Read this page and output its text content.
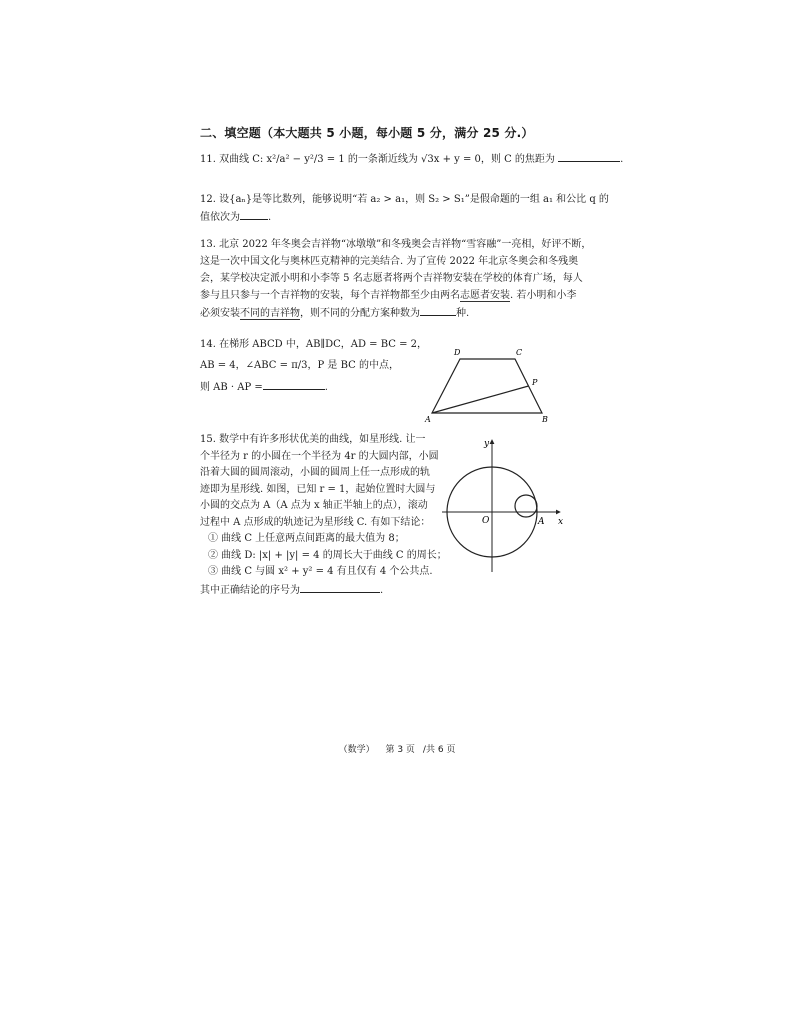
二、填空题（本大题共 5 小题，每小题 5 分，满分 25 分.）
11. 双曲线 C: x²/a² − y²/3 = 1 的一条渐近线为 √3x + y = 0，则 C 的焦距为	.
12. 设{aₙ}是等比数列，能够说明“若 a₂ > a₁，则 S₂ > S₁”是假命题的一组 a₁ 和公比 q 的
值依次为	.
13. 北京 2022 年冬奥会吉祥物“冰墩墩”和冬残奥会吉祥物“雪容融”一亮相，好评不断，
这是一次中国文化与奥林匹克精神的完美结合. 为了宣传 2022 年北京冬奥会和冬残奥
会，某学校决定派小明和小李等 5 名志愿者将两个吉祥物安装在学校的体育广场，每人
参与且只参与一个吉祥物的安装，每个吉祥物都至少由两名志愿者安装. 若小明和小李
必须安装不同的吉祥物，则不同的分配方案种数为	种.
14. 在梯形 ABCD 中，AB∥DC，AD = BC = 2，
AB = 4，∠ABC = π/3，P 是 BC 的中点，
则 AB · AP =	.
D	C
P
A	B
15. 数学中有许多形状优美的曲线，如星形线. 让一
个半径为 r 的小圆在一个半径为 4r 的大圆内部，小圆
沿着大圆的圆周滚动，小圆的圆周上任一点形成的轨
迹即为星形线. 如图，已知 r = 1，起始位置时大圆与
小圆的交点为 A（A 点为 x 轴正半轴上的点），滚动
过程中 A 点形成的轨迹记为星形线 C. 有如下结论：
① 曲线 C 上任意两点间距离的最大值为 8；
② 曲线 D: |x| + |y| = 4 的周长大于曲线 C 的周长；
③ 曲线 C 与圆 x² + y² = 4 有且仅有 4 个公共点.
其中正确结论的序号为	.
y
O	A x
（数学） 第 3 页 /共 6 页
